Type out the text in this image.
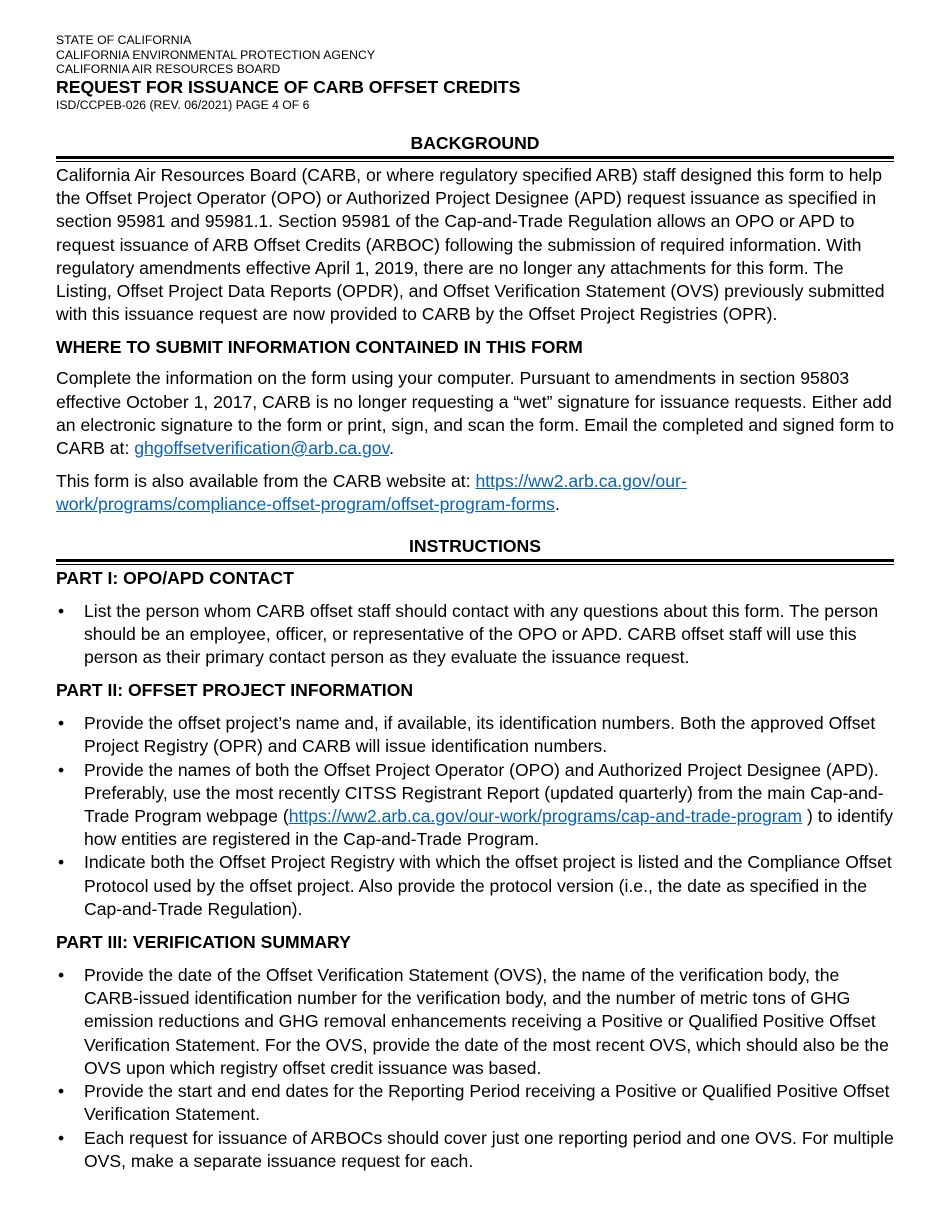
STATE OF CALIFORNIA

CALIFORNIA ENVIRONMENTAL PROTECTION AGENCY

CALIFORNIA AIR RESOURCES BOARD

REQUEST FOR ISSUANCE OF CARB OFFSET CREDITS

ISD/CCPEB-026 (REV. 06/2021) PAGE 4 OF 6

BACKGROUND

California Air Resources Board (CARB, or where regulatory specified ARB) staff designed this form to help the Offset Project Operator (OPO) or Authorized Project Designee (APD) request issuance as specified in section 95981 and 95981.1. Section 95981 of the Cap-and-Trade Regulation allows an OPO or APD to request issuance of ARB Offset Credits (ARBOC) following the submission of required information. With regulatory amendments effective April 1, 2019, there are no longer any attachments for this form. The Listing, Offset Project Data Reports (OPDR), and Offset Verification Statement (OVS) previously submitted with this issuance request are now provided to CARB by the Offset Project Registries (OPR).

WHERE TO SUBMIT INFORMATION CONTAINED IN THIS FORM

Complete the information on the form using your computer. Pursuant to amendments in section 95803 effective October 1, 2017, CARB is no longer requesting a “wet” signature for issuance requests. Either add an electronic signature to the form or print, sign, and scan the form. Email the completed and signed form to CARB at: ghgoffsetverification@arb.ca.gov.

This form is also available from the CARB website at: https://ww2.arb.ca.gov/our-work/programs/compliance-offset-program/offset-program-forms.

INSTRUCTIONS
PART I: OPO/APD CONTACT
• List the person whom CARB offset staff should contact with any questions about this form. The person should be an employee, officer, or representative of the OPO or APD. CARB offset staff will use this person as their primary contact person as they evaluate the issuance request.
PART II: OFFSET PROJECT INFORMATION
• Provide the offset project’s name and, if available, its identification numbers. Both the approved Offset Project Registry (OPR) and CARB will issue identification numbers.
• Provide the names of both the Offset Project Operator (OPO) and Authorized Project Designee (APD). Preferably, use the most recently CITSS Registrant Report (updated quarterly) from the main Cap-and-Trade Program webpage (https://ww2.arb.ca.gov/our-work/programs/cap-and-trade-program ) to identify how entities are registered in the Cap-and-Trade Program.
• Indicate both the Offset Project Registry with which the offset project is listed and the Compliance Offset Protocol used by the offset project. Also provide the protocol version (i.e., the date as specified in the Cap-and-Trade Regulation).
PART III: VERIFICATION SUMMARY
• Provide the date of the Offset Verification Statement (OVS), the name of the verification body, the CARB-issued identification number for the verification body, and the number of metric tons of GHG emission reductions and GHG removal enhancements receiving a Positive or Qualified Positive Offset Verification Statement. For the OVS, provide the date of the most recent OVS, which should also be the OVS upon which registry offset credit issuance was based.
• Provide the start and end dates for the Reporting Period receiving a Positive or Qualified Positive Offset Verification Statement.
• Each request for issuance of ARBOCs should cover just one reporting period and one OVS. For multiple OVS, make a separate issuance request for each.
